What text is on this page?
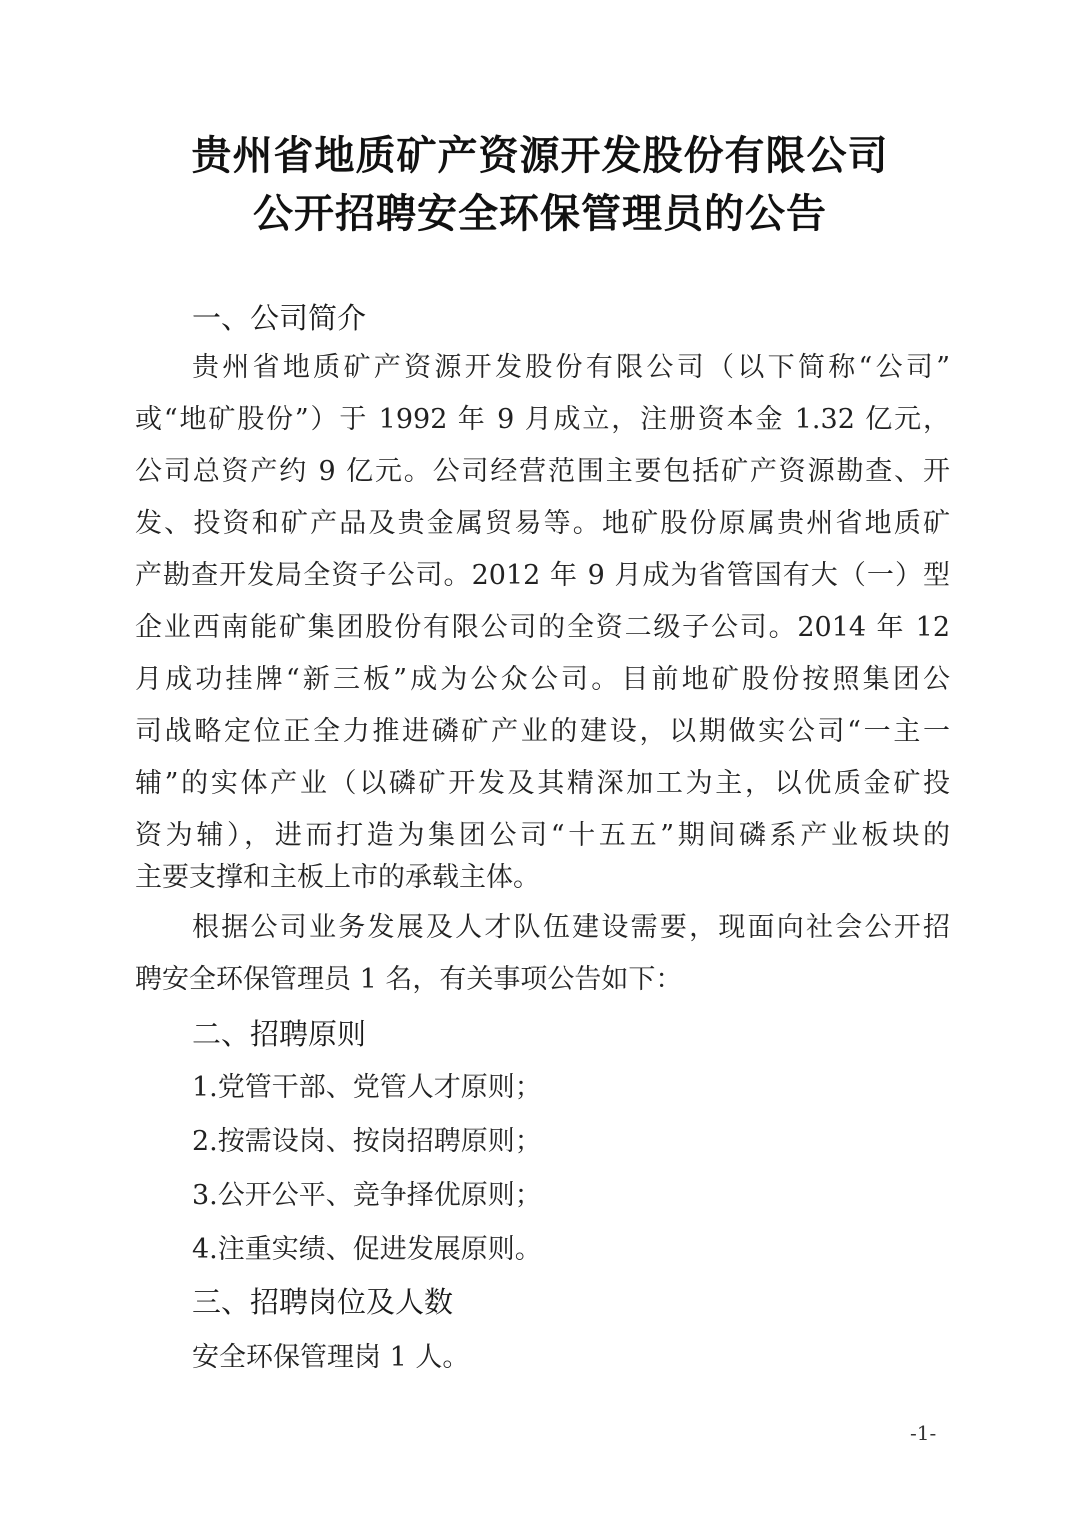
贵州省地质矿产资源开发股份有限公司
公开招聘安全环保管理员的公告
一、公司简介
贵州省地质矿产资源开发股份有限公司（以下简称“公司”
或“地矿股份”）于 1992 年 9 月成立，注册资本金 1.32 亿元，
公司总资产约 9 亿元。公司经营范围主要包括矿产资源勘查、开
发、投资和矿产品及贵金属贸易等。地矿股份原属贵州省地质矿
产勘查开发局全资子公司。2012 年 9 月成为省管国有大（一）型
企业西南能矿集团股份有限公司的全资二级子公司。2014 年 12
月成功挂牌“新三板”成为公众公司。目前地矿股份按照集团公
司战略定位正全力推进磷矿产业的建设，以期做实公司“一主一
辅”的实体产业（以磷矿开发及其精深加工为主，以优质金矿投
资为辅），进而打造为集团公司“十五五”期间磷系产业板块的
主要支撑和主板上市的承载主体。
根据公司业务发展及人才队伍建设需要，现面向社会公开招
聘安全环保管理员 1 名，有关事项公告如下：
二、招聘原则
1.党管干部、党管人才原则；
2.按需设岗、按岗招聘原则；
3.公开公平、竞争择优原则；
4.注重实绩、促进发展原则。
三、招聘岗位及人数
安全环保管理岗 1 人。
-1-
